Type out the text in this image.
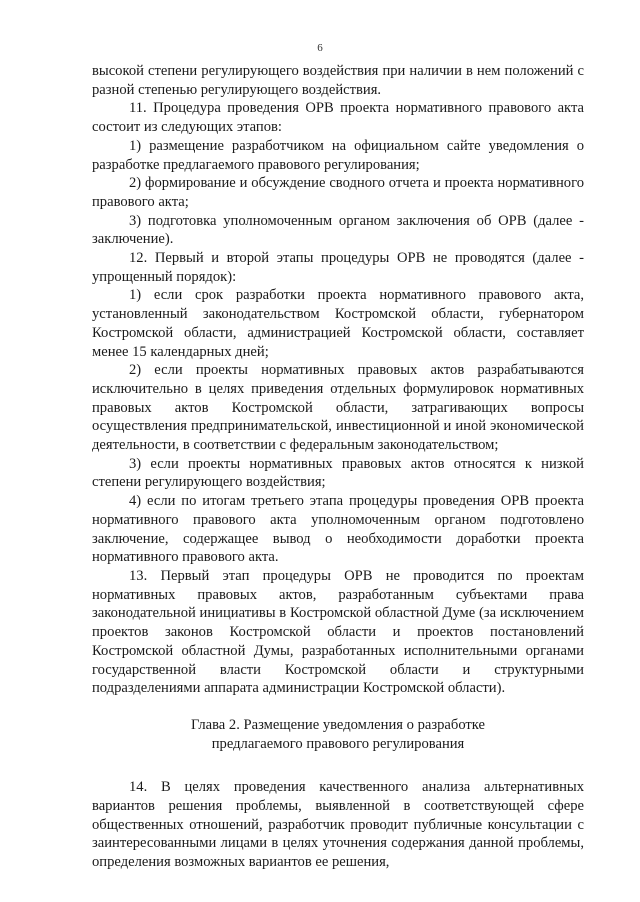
6

высокой степени регулирующего воздействия при наличии в нем положений с разной степенью регулирующего воздействия.

11. Процедура проведения ОРВ проекта нормативного правового акта состоит из следующих этапов:

1) размещение разработчиком на официальном сайте уведомления о разработке предлагаемого правового регулирования;

2) формирование и обсуждение сводного отчета и проекта нормативного правового акта;

3) подготовка уполномоченным органом заключения об ОРВ (далее - заключение).

12. Первый и второй этапы процедуры ОРВ не проводятся (далее - упрощенный порядок):

1) если срок разработки проекта нормативного правового акта, установленный законодательством Костромской области, губернатором Костромской области, администрацией Костромской области, составляет менее 15 календарных дней;

2) если проекты нормативных правовых актов разрабатываются исключительно в целях приведения отдельных формулировок нормативных правовых актов Костромской области, затрагивающих вопросы осуществления предпринимательской, инвестиционной и иной экономической деятельности, в соответствии с федеральным законодательством;

3) если проекты нормативных правовых актов относятся к низкой степени регулирующего воздействия;

4) если по итогам третьего этапа процедуры проведения ОРВ проекта нормативного правового акта уполномоченным органом подготовлено заключение, содержащее вывод о необходимости доработки проекта нормативного правового акта.

13. Первый этап процедуры ОРВ не проводится по проектам нормативных правовых актов, разработанным субъектами права законодательной инициативы в Костромской областной Думе (за исключением проектов законов Костромской области и проектов постановлений Костромской областной Думы, разработанных исполнительными органами государственной власти Костромской области и структурными подразделениями аппарата администрации Костромской области).

Глава 2. Размещение уведомления о разработке
предлагаемого правового регулирования

14. В целях проведения качественного анализа альтернативных вариантов решения проблемы, выявленной в соответствующей сфере общественных отношений, разработчик проводит публичные консультации с заинтересованными лицами в целях уточнения содержания данной проблемы, определения возможных вариантов ее решения,
